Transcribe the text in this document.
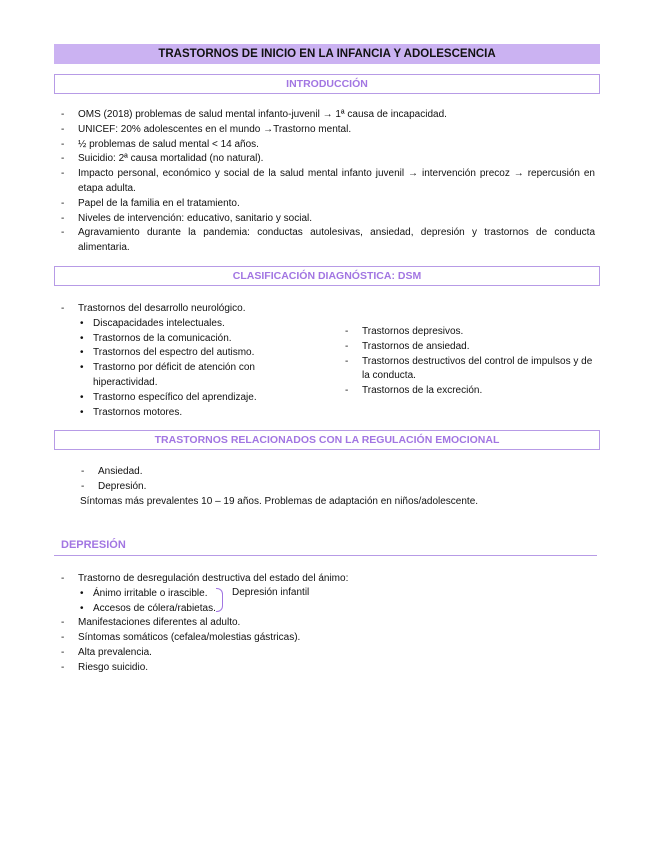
TRASTORNOS DE INICIO EN LA INFANCIA Y ADOLESCENCIA
INTRODUCCIÓN
- OMS (2018) problemas de salud mental infanto-juvenil → 1ª causa de incapacidad.
- UNICEF: 20% adolescentes en el mundo →Trastorno mental.
- ½ problemas de salud mental < 14 años.
- Suicidio: 2ª causa mortalidad (no natural).
- Impacto personal, económico y social de la salud mental infanto juvenil → intervención precoz → repercusión en etapa adulta.
- Papel de la familia en el tratamiento.
- Niveles de intervención: educativo, sanitario y social.
- Agravamiento durante la pandemia: conductas autolesivas, ansiedad, depresión y trastornos de conducta alimentaria.
CLASIFICACIÓN DIAGNÓSTICA: DSM
- Trastornos del desarrollo neurológico.
• Discapacidades intelectuales.
• Trastornos de la comunicación.
• Trastornos del espectro del autismo.
• Trastorno por déficit de atención con hiperactividad.
• Trastorno específico del aprendizaje.
• Trastornos motores.
- Trastornos depresivos.
- Trastornos de ansiedad.
- Trastornos destructivos del control de impulsos y de la conducta.
- Trastornos de la excreción.
TRASTORNOS RELACIONADOS CON LA REGULACIÓN EMOCIONAL
- Ansiedad.
- Depresión.
Síntomas más prevalentes 10 – 19 años. Problemas de adaptación en niños/adolescente.
DEPRESIÓN
- Trastorno de desregulación destructiva del estado del ánimo:
• Ánimo irritable o irascible.
• Accesos de cólera/rabietas.
- Manifestaciones diferentes al adulto.
- Síntomas somáticos (cefalea/molestias gástricas).
- Alta prevalencia.
- Riesgo suicidio.
Depresión infantil
